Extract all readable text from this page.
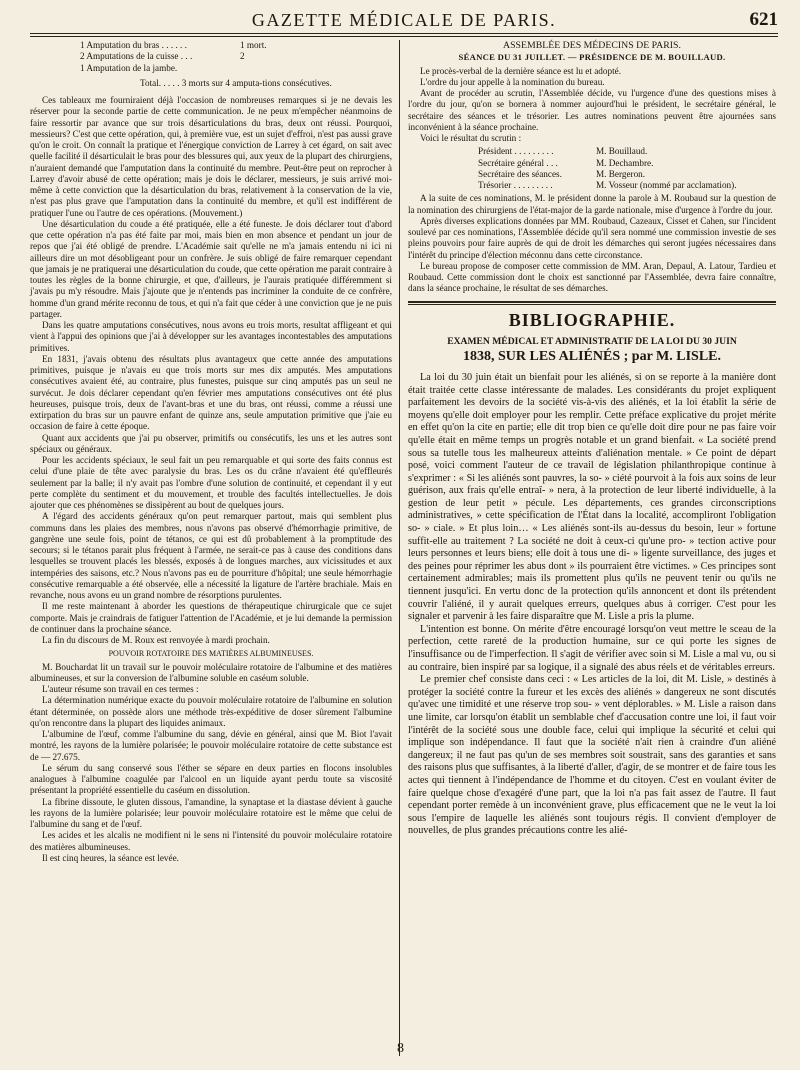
GAZETTE MÉDICALE DE PARIS.	621
1 Amputation du bras . . . . . .	1 mort.
2 Amputations de la cuisse . . .	2
1 Amputation de la jambe.
Total. . . . . 3 morts sur 4 amputa-tions consécutives.

Ces tableaux me fourniraient déjà l'occasion de nombreuses remarques si je ne devais les réserver pour la seconde partie de cette communication. Je ne peux m'empêcher néanmoins de faire ressortir par avance que sur trois désarticulations du bras, deux ont réussi. Pourquoi, messieurs? C'est que cette opération, qui, à première vue, est un sujet d'effroi, n'est pas aussi grave qu'on le croit. On connaît la pratique et l'énergique conviction de Larrey à cet égard, on sait avec quelle facilité il désarticulait le bras pour des blessures qui, aux yeux de la plupart des chirurgiens, n'auraient demandé que l'amputation dans la continuité du membre. Peut-être peut on reprocher à Larrey d'avoir abusé de cette opération; mais je dois le déclarer, messieurs, je suis arrivé moi-même à cette conviction que la désarticulation du bras, relativement à la conservation de la vie, n'est pas plus grave que l'amputation dans la continuité du membre, et qu'il est indifférent de pratiquer l'une ou l'autre de ces opérations. (Mouvement.)

Une désarticulation du coude a été pratiquée, elle a été funeste. Je dois déclarer tout d'abord que cette opération n'a pas été faite par moi, mais bien en mon absence et pendant un jour de repos que j'ai été obligé de prendre. L'Académie sait qu'elle ne m'a jamais entendu ni ici ni ailleurs dire un mot désobligeant pour un confrère. Je suis obligé de faire remarquer cependant que jamais je ne pratiquerai une désarticulation du coude, que cette opération me parait contraire à toutes les règles de la bonne chirurgie, et que, d'ailleurs, je l'aurais pratiquée différemment si j'avais pu m'y résoudre. Mais j'ajoute que je n'entends pas incriminer la conduite de ce confrère, homme d'un grand mérite reconnu de tous, et qui n'a fait que céder à une conviction que je ne puis partager.

Dans les quatre amputations consécutives, nous avons eu trois morts, resultat affligeant et qui vient à l'appui des opinions que j'ai à développer sur les avantages incontestables des amputations primitives.

En 1831, j'avais obtenu des résultats plus avantageux que cette année des amputations primitives, puisque je n'avais eu que trois morts sur mes dix amputés. Mes amputations consécutives avaient été, au contraire, plus funestes, puisque sur cinq amputés pas un seul ne survécut. Je dois déclarer cependant qu'en février mes amputations consécutives ont été plus heureuses, puisque trois, deux de l'avant-bras et une du bras, ont réussi, comme a réussi une extirpation du bras sur un pauvre enfant de quinze ans, seule amputation primitive que j'aie eu occasion de faire à cette époque.

Quant aux accidents que j'ai pu observer, primitifs ou consécutifs, les uns et les autres sont spéciaux ou généraux.

Pour les accidents spéciaux, le seul fait un peu remarquable et qui sorte des faits connus est celui d'une plaie de tête avec paralysie du bras. Les os du crâne n'avaient été qu'effleurés seulement par la balle; il n'y avait pas l'ombre d'une solution de continuité, et cependant il y eut perte complète du sentiment et du mouvement, et trouble des facultés intellectuelles. Je dois ajouter que ces phénomènes se dissipèrent au bout de quelques jours.

A l'égard des accidents généraux qu'on peut remarquer partout, mais qui semblent plus communs dans les plaies des membres, nous n'avons pas observé d'hémorrhagie primitive, de gangrène une seule fois, point de tétanos, ce qui est dû probablement à la promptitude des secours; si le tétanos parait plus fréquent à l'armée, ne serait-ce pas à cause des conditions dans lesquelles se trouvent placés les blessés, exposés à de longues marches, aux vicissitudes et aux intempéries des saisons, etc.? Nous n'avons pas eu de pourriture d'hôpital; une seule hémorrhagie consécutive remarquable a été observée, elle a nécessité la ligature de l'artère brachiale. Mais en revanche, nous avons eu un grand nombre de résorptions purulentes.

Il me reste maintenant à aborder les questions de thérapeutique chirurgicale que ce sujet comporte. Mais je craindrais de fatiguer l'attention de l'Académie, et je lui demande la permission de continuer dans la prochaine séance.

La fin du discours de M. Roux est renvoyée à mardi prochain.

POUVOIR ROTATOIRE DES MATIÈRES ALBUMINEUSES.

M. Bouchardat lit un travail sur le pouvoir moléculaire rotatoire de l'albumine et des matières albumineuses, et sur la conversion de l'albumine soluble en caséum soluble.

L'auteur résume son travail en ces termes :

La détermination numérique exacte du pouvoir moléculaire rotatoire de l'albumine en solution étant déterminée, on possède alors une méthode très-expéditive de doser sûrement l'albumine qu'on rencontre dans la plupart des liquides animaux.

L'albumine de l'œuf, comme l'albumine du sang, dévie en général, ainsi que M. Biot l'avait montré, les rayons de la lumière polarisée; le pouvoir moléculaire rotatoire de cette substance est de — 27.675.

Le sérum du sang conservé sous l'éther se sépare en deux parties en flocons insolubles analogues à l'albumine coagulée par l'alcool en un liquide ayant perdu toute sa viscosité présentant la propriété essentielle du caséum en dissolution.

La fibrine dissoute, le gluten dissous, l'amandine, la synaptase et la diastase dévient à gauche les rayons de la lumière polarisée; leur pouvoir moléculaire rotatoire est le même que celui de l'albumine du sang et de l'œuf.

Les acides et les alcalis ne modifient ni le sens ni l'intensité du pouvoir moléculaire rotatoire des matières albumineuses.

Il est cinq heures, la séance est levée.

ASSEMBLÉE DES MÉDECINS DE PARIS.
SÉANCE DU 31 JUILLET. — PRÉSIDENCE DE M. BOUILLAUD.

Le procès-verbal de la dernière séance est lu et adopté.

L'ordre du jour appelle à la nomination du bureau.

Avant de procéder au scrutin, l'Assemblée décide, vu l'urgence d'une des questions mises à l'ordre du jour, qu'on se bornera à nommer aujourd'hui le président, le secrétaire général, le secrétaire des séances et le trésorier. Les autres nominations peuvent être ajournées sans inconvénient à la séance prochaine.

Voici le résultat du scrutin :

Président . . . . . . . . .	M. Bouillaud.
Secrétaire général . . .	M. Dechambre.
Secrétaire des séances.	M. Bergeron.
Trésorier . . . . . . . . .	M. Vosseur (nommé par acclamation).

A la suite de ces nominations, M. le président donne la parole à M. Roubaud sur la question de la nomination des chirurgiens de l'état-major de la garde nationale, mise d'urgence à l'ordre du jour.

Après diverses explications données par MM. Roubaud, Cazeaux, Cisset et Cahen, sur l'incident soulevé par ces nominations, l'Assemblée décide qu'il sera nommé une commission investie de ses pleins pouvoirs pour faire auprès de qui de droit les démarches qui seront jugées nécessaires dans l'intérêt du principe d'élection méconnu dans cette circonstance.

Le bureau propose de composer cette commission de MM. Aran, Depaul, A. Latour, Tardieu et Roubaud. Cette commission dont le choix est sanctionné par l'Assemblée, devra faire connaître, dans la séance prochaine, le résultat de ses démarches.

BIBLIOGRAPHIE.
EXAMEN MÉDICAL ET ADMINISTRATIF DE LA LOI DU 30 JUIN
1838, SUR LES ALIÉNÉS ; par M. LISLE.

La loi du 30 juin était un bienfait pour les aliénés, si on se reporte à la manière dont était traitée cette classe intéressante de malades. Les considérants du projet expliquent parfaitement les devoirs de la société vis-à-vis des aliénés, et la loi établit la série de moyens qu'elle doit employer pour les remplir. Cette préface explicative du projet mérite en effet qu'on la cite en partie; elle dit trop bien ce qu'elle doit dire pour ne pas faire voir qu'elle était en même temps un progrès notable et un grand bienfait. « La société prend sous sa tutelle tous les malheureux atteints d'aliénation mentale. » Ce point de départ posé, voici comment l'auteur de ce travail de législation philanthropique continue à s'exprimer : « Si les aliénés sont pauvres, la so- » ciété pourvoit à la fois aux soins de leur guérison, aux frais qu'elle entraî- » nera, à la protection de leur liberté individuelle, à la gestion de leur petit » pécule. Les départements, ces grandes circonscriptions administratives, » cette spécification de l'État dans la localité, accompliront l'obligation so- » ciale. » Et plus loin… « Les aliénés sont-ils au-dessus du besoin, leur » fortune suffit-elle au traitement ? La société ne doit à ceux-ci qu'une pro- » tection active pour leurs personnes et leurs biens; elle doit à tous une di- » ligente surveillance, des juges et des peines pour réprimer les abus dont » ils pourraient être victimes. » Ces principes sont certainement admirables; mais ils promettent plus qu'ils ne peuvent tenir ou qu'ils ne tiennent jusqu'ici. En vertu donc de la protection qu'ils annoncent et dont ils prétendent couvrir l'aliéné, il y aurait quelques erreurs, quelques abus à corriger. C'est pour les signaler et parvenir à les faire disparaître que M. Lisle a pris la plume.

L'intention est bonne. On mérite d'être encouragé lorsqu'on veut mettre le sceau de la perfection, cette rareté de la production humaine, sur ce qui porte les signes de l'insuffisance ou de l'imperfection. Il s'agit de vérifier avec soin si M. Lisle a mal vu, ou si au contraire, bien inspiré par sa logique, il a signalé des abus réels et de véritables erreurs.

Le premier chef consiste dans ceci : « Les articles de la loi, dit M. Lisle, » destinés à protéger la société contre la fureur et les excès des aliénés » dangereux ne sont discutés qu'avec une timidité et une réserve trop sou- » vent déplorables. » M. Lisle a raison dans une limite, car lorsqu'on établit un semblable chef d'accusation contre une loi, il faut voir l'intérêt de la société sous une double face, celui qui implique la sécurité et celui qui implique son indépendance. Il faut que la société n'ait rien à craindre d'un aliéné dangereux; il ne faut pas qu'un de ses membres soit soustrait, sans des garanties et sans des raisons plus que suffisantes, à la liberté d'aller, d'agir, de se montrer et de faire tous les actes qui tiennent à l'indépendance de l'homme et du citoyen. C'est en voulant éviter de faire quelque chose d'exagéré d'une part, que la loi n'a pas fait assez de l'autre. Il faut cependant porter remède à un inconvénient grave, plus efficacement que ne le veut la loi sous l'empire de laquelle les aliénés sont toujours régis. Il convient d'employer de nouvelles, de plus grandes précautions contre les alié-

8
